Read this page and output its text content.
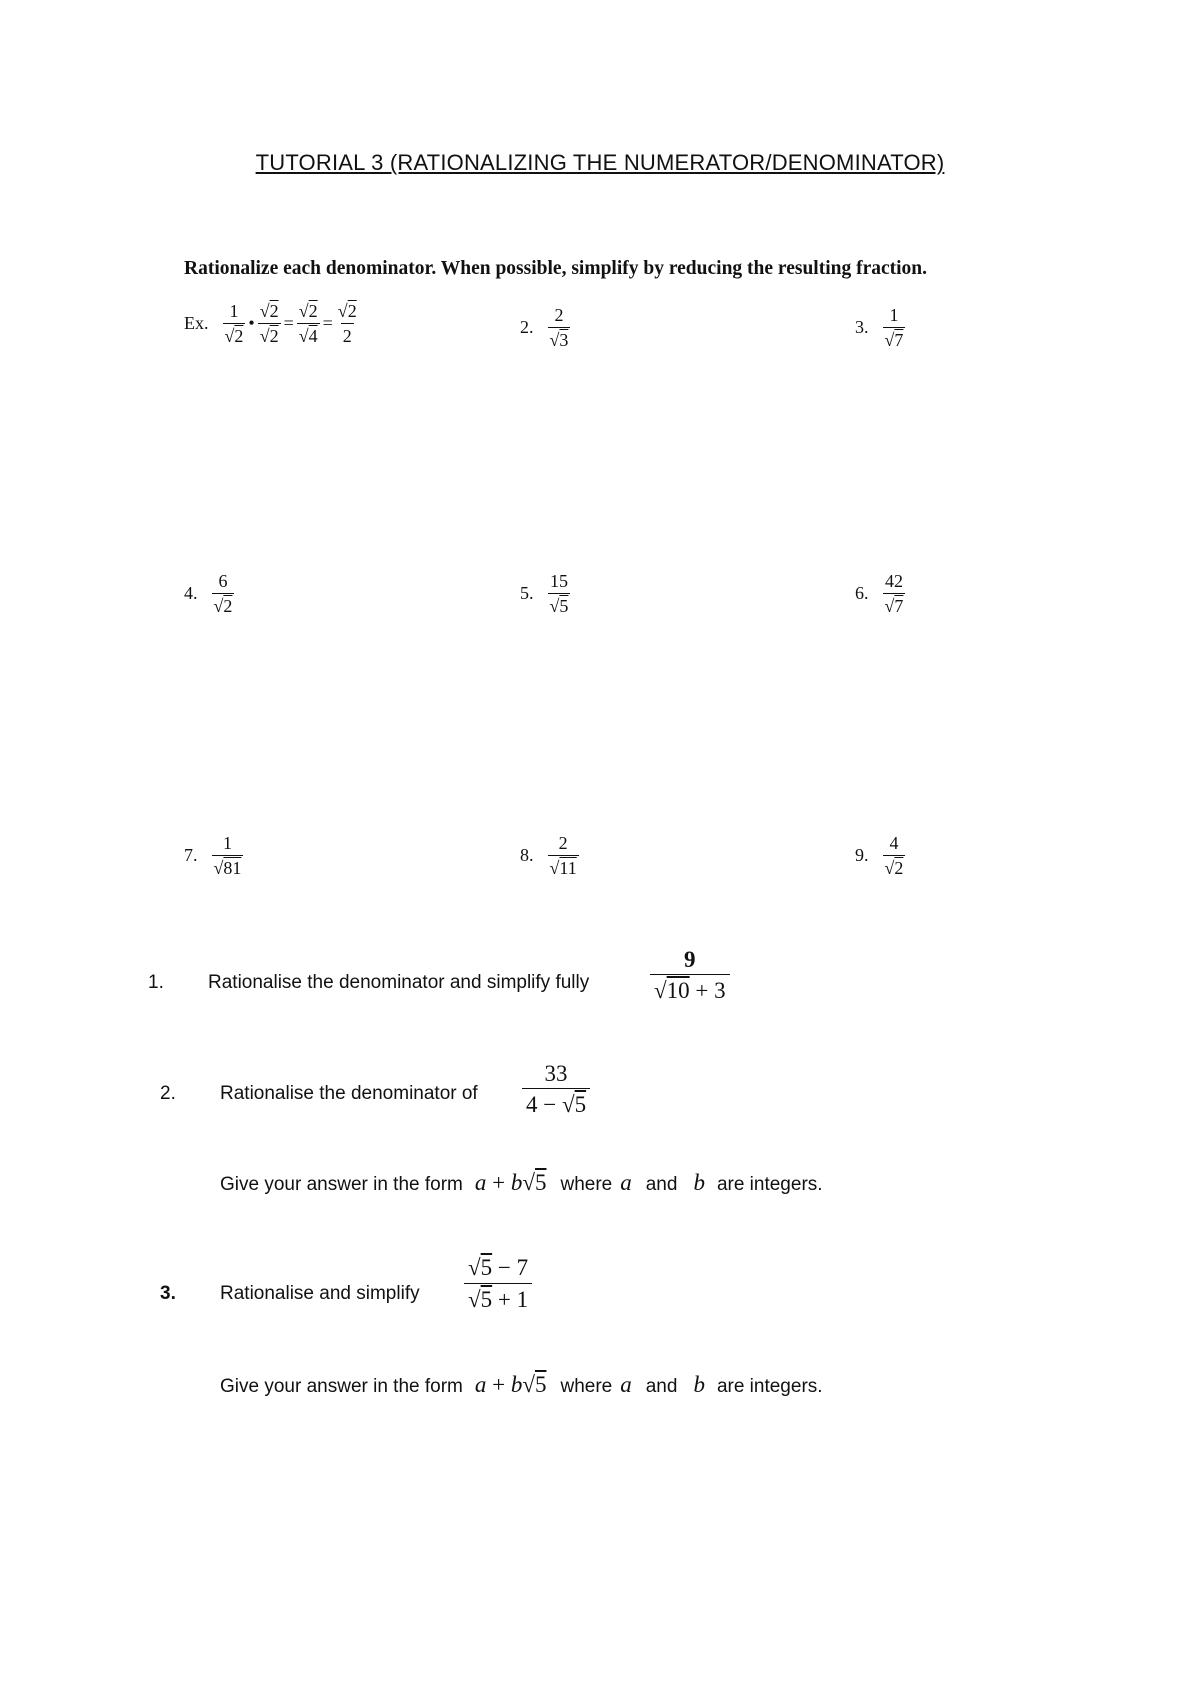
TUTORIAL 3 (RATIONALIZING THE NUMERATOR/DENOMINATOR)
Rationalize each denominator. When possible, simplify by reducing the resulting fraction.
Ex. $\frac{1}{√2}$ • $\frac{√2}{√2} = \frac{√2}{√4} = \frac{√2}{2}$	2. $\frac{2}{√3}$	3. $\frac{1}{√7}$
4. $\frac{6}{√2}$	5. $\frac{15}{√5}$	6. $\frac{42}{√7}$
7. $\frac{1}{√81}$	8. $\frac{2}{√11}$	9. $\frac{4}{√2}$
1. Rationalise the denominator and simplify fully	$\frac{9}{√10 + 3}$
2. Rationalise the denominator of $\frac{33}{4 - √5}$
Give your answer in the form a + b √5 where a and b are integers.
3. Rationalise and simplify $\frac{√5 - 7}{√5 + 1}$
Give your answer in the form a + b √5 where a and b are integers.
